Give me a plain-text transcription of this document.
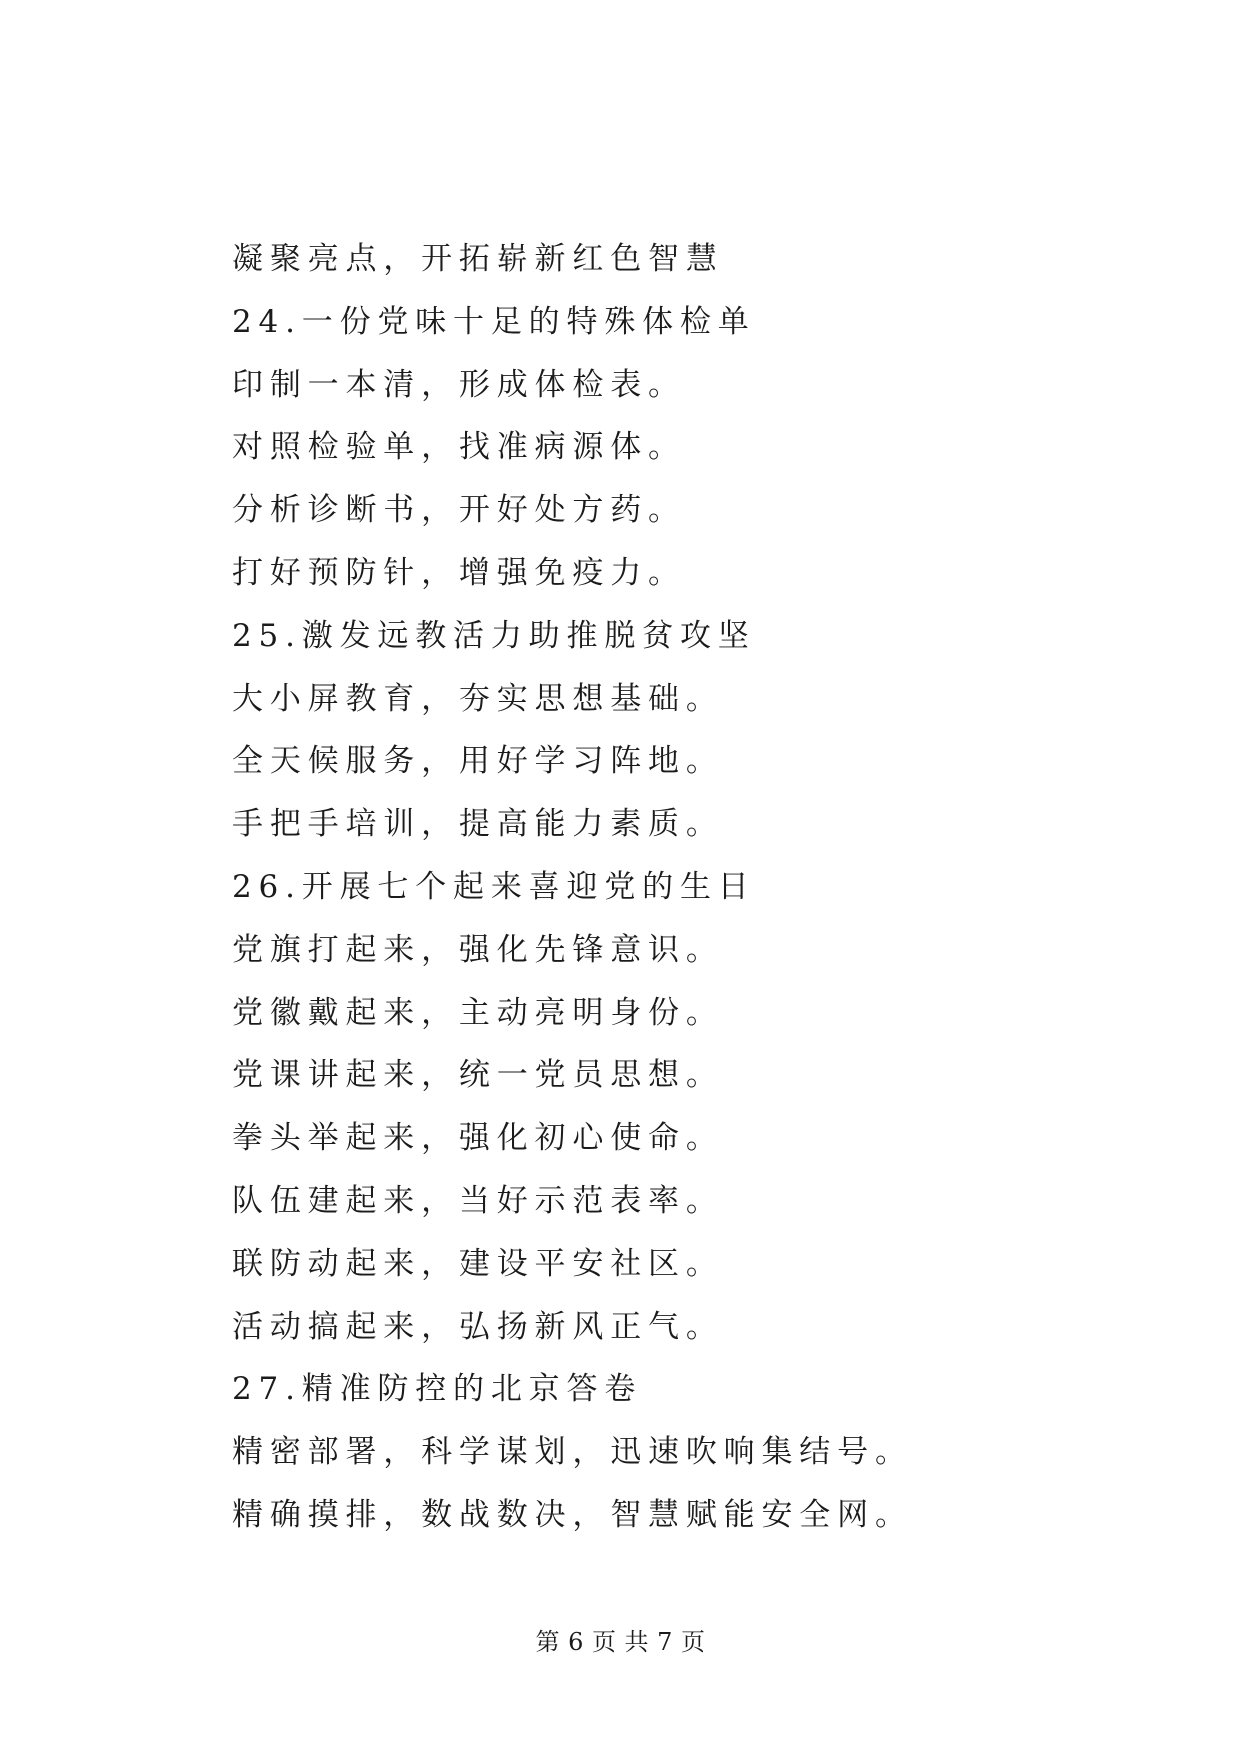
凝聚亮点，开拓崭新红色智慧

24.一份党味十足的特殊体检单

印制一本清，形成体检表。

对照检验单，找准病源体。

分析诊断书，开好处方药。

打好预防针，增强免疫力。

25.激发远教活力助推脱贫攻坚

大小屏教育，夯实思想基础。

全天候服务，用好学习阵地。

手把手培训，提高能力素质。

26.开展七个起来喜迎党的生日

党旗打起来，强化先锋意识。

党徽戴起来，主动亮明身份。

党课讲起来，统一党员思想。

拳头举起来，强化初心使命。

队伍建起来，当好示范表率。

联防动起来，建设平安社区。

活动搞起来，弘扬新风正气。

27.精准防控的北京答卷

精密部署，科学谋划，迅速吹响集结号。

精确摸排，数战数决，智慧赋能安全网。

第 6 页 共 7 页
